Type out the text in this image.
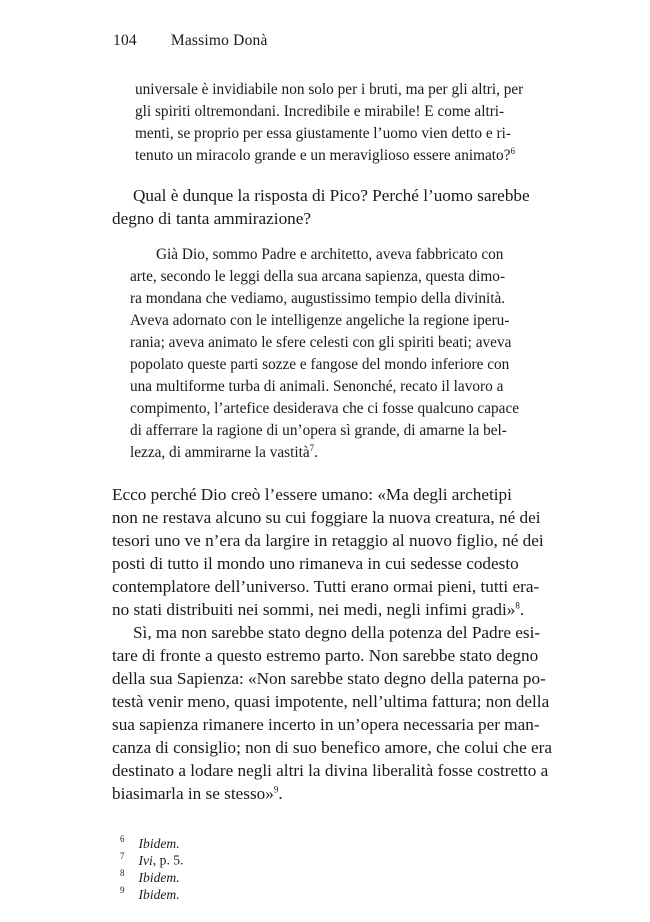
104 Massimo Donà
universale è invidiabile non solo per i bruti, ma per gli altri, per
gli spiriti oltremondani. Incredibile e mirabile! E come altri-
menti, se proprio per essa giustamente l’uomo vien detto e ri-
tenuto un miracolo grande e un meraviglioso essere animato?$^6$
Qual è dunque la risposta di Pico? Perché l’uomo sarebbe
degno di tanta ammirazione?
Già Dio, sommo Padre e architetto, aveva fabbricato con
arte, secondo le leggi della sua arcana sapienza, questa dimo-
ra mondana che vediamo, augustissimo tempio della divinità.
Aveva adornato con le intelligenze angeliche la regione iperu-
rania; aveva animato le sfere celesti con gli spiriti beati; aveva
popolato queste parti sozze e fangose del mondo inferiore con
una multiforme turba di animali. Senonché, recato il lavoro a
compimento, l’artefice desiderava che ci fosse qualcuno capace
di afferrare la ragione di un’opera sì grande, di amarne la bel-
lezza, di ammirarne la vastità$^7$.
Ecco perché Dio creò l’essere umano: «Ma degli archetipi
non ne restava alcuno su cui foggiare la nuova creatura, né dei
tesori uno ve n’era da largire in retaggio al nuovo figlio, né dei
posti di tutto il mondo uno rimaneva in cui sedesse codesto
contemplatore dell’universo. Tutti erano ormai pieni, tutti era-
no stati distribuiti nei sommi, nei medi, negli infimi gradi»$^8$.
Sì, ma non sarebbe stato degno della potenza del Padre esi-
tare di fronte a questo estremo parto. Non sarebbe stato degno
della sua Sapienza: «Non sarebbe stato degno della paterna po-
testà venir meno, quasi impotente, nell’ultima fattura; non della
sua sapienza rimanere incerto in un’opera necessaria per man-
canza di consiglio; non di suo benefico amore, che colui che era
destinato a lodare negli altri la divina liberalità fosse costretto a
biasimarla in se stesso»$^9$.
$^6$ Ibidem.
$^7$ Ivi, p. 5.
$^8$ Ibidem.
$^9$ Ibidem.
